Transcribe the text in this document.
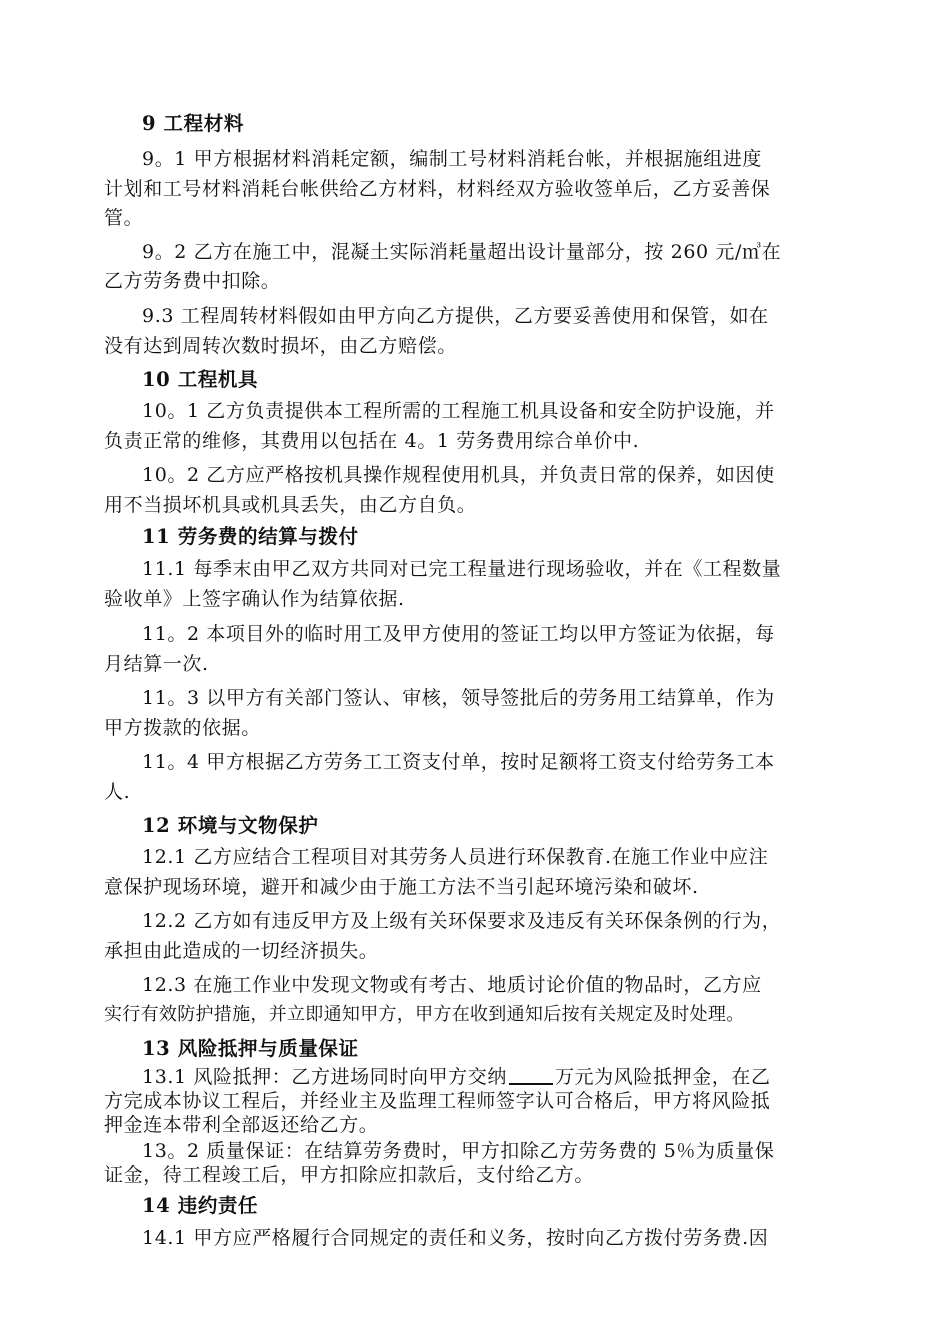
9 工程材料
9。1 甲方根据材料消耗定额，编制工号材料消耗台帐，并根据施组进度
计划和工号材料消耗台帐供给乙方材料，材料经双方验收签单后，乙方妥善保
管。
9。2 乙方在施工中，混凝土实际消耗量超出设计量部分，按 260 元/㎥在
乙方劳务费中扣除。
9.3 工程周转材料假如由甲方向乙方提供，乙方要妥善使用和保管，如在
没有达到周转次数时损坏，由乙方赔偿。
10 工程机具
10。1 乙方负责提供本工程所需的工程施工机具设备和安全防护设施，并
负责正常的维修，其费用以包括在 4。1 劳务费用综合单价中.
10。2 乙方应严格按机具操作规程使用机具，并负责日常的保养，如因使
用不当损坏机具或机具丢失，由乙方自负。
11 劳务费的结算与拨付
11.1 每季末由甲乙双方共同对已完工程量进行现场验收，并在《工程数量
验收单》上签字确认作为结算依据.
11。2 本项目外的临时用工及甲方使用的签证工均以甲方签证为依据，每
月结算一次.
11。3 以甲方有关部门签认、审核，领导签批后的劳务用工结算单，作为
甲方拨款的依据。
11。4 甲方根据乙方劳务工工资支付单，按时足额将工资支付给劳务工本
人.
12 环境与文物保护
12.1 乙方应结合工程项目对其劳务人员进行环保教育.在施工作业中应注
意保护现场环境，避开和减少由于施工方法不当引起环境污染和破坏.
12.2 乙方如有违反甲方及上级有关环保要求及违反有关环保条例的行为，
承担由此造成的一切经济损失。
12.3 在施工作业中发现文物或有考古、地质讨论价值的物品时，乙方应
实行有效防护措施，并立即通知甲方，甲方在收到通知后按有关规定及时处理。
13 风险抵押与质量保证
13.1 风险抵押：乙方进场同时向甲方交纳	万元为风险抵押金，在乙
方完成本协议工程后，并经业主及监理工程师签字认可合格后，甲方将风险抵
押金连本带利全部返还给乙方。
13。2 质量保证：在结算劳务费时，甲方扣除乙方劳务费的 5％为质量保
证金，待工程竣工后，甲方扣除应扣款后，支付给乙方。
14 违约责任
14.1 甲方应严格履行合同规定的责任和义务，按时向乙方拨付劳务费.因
